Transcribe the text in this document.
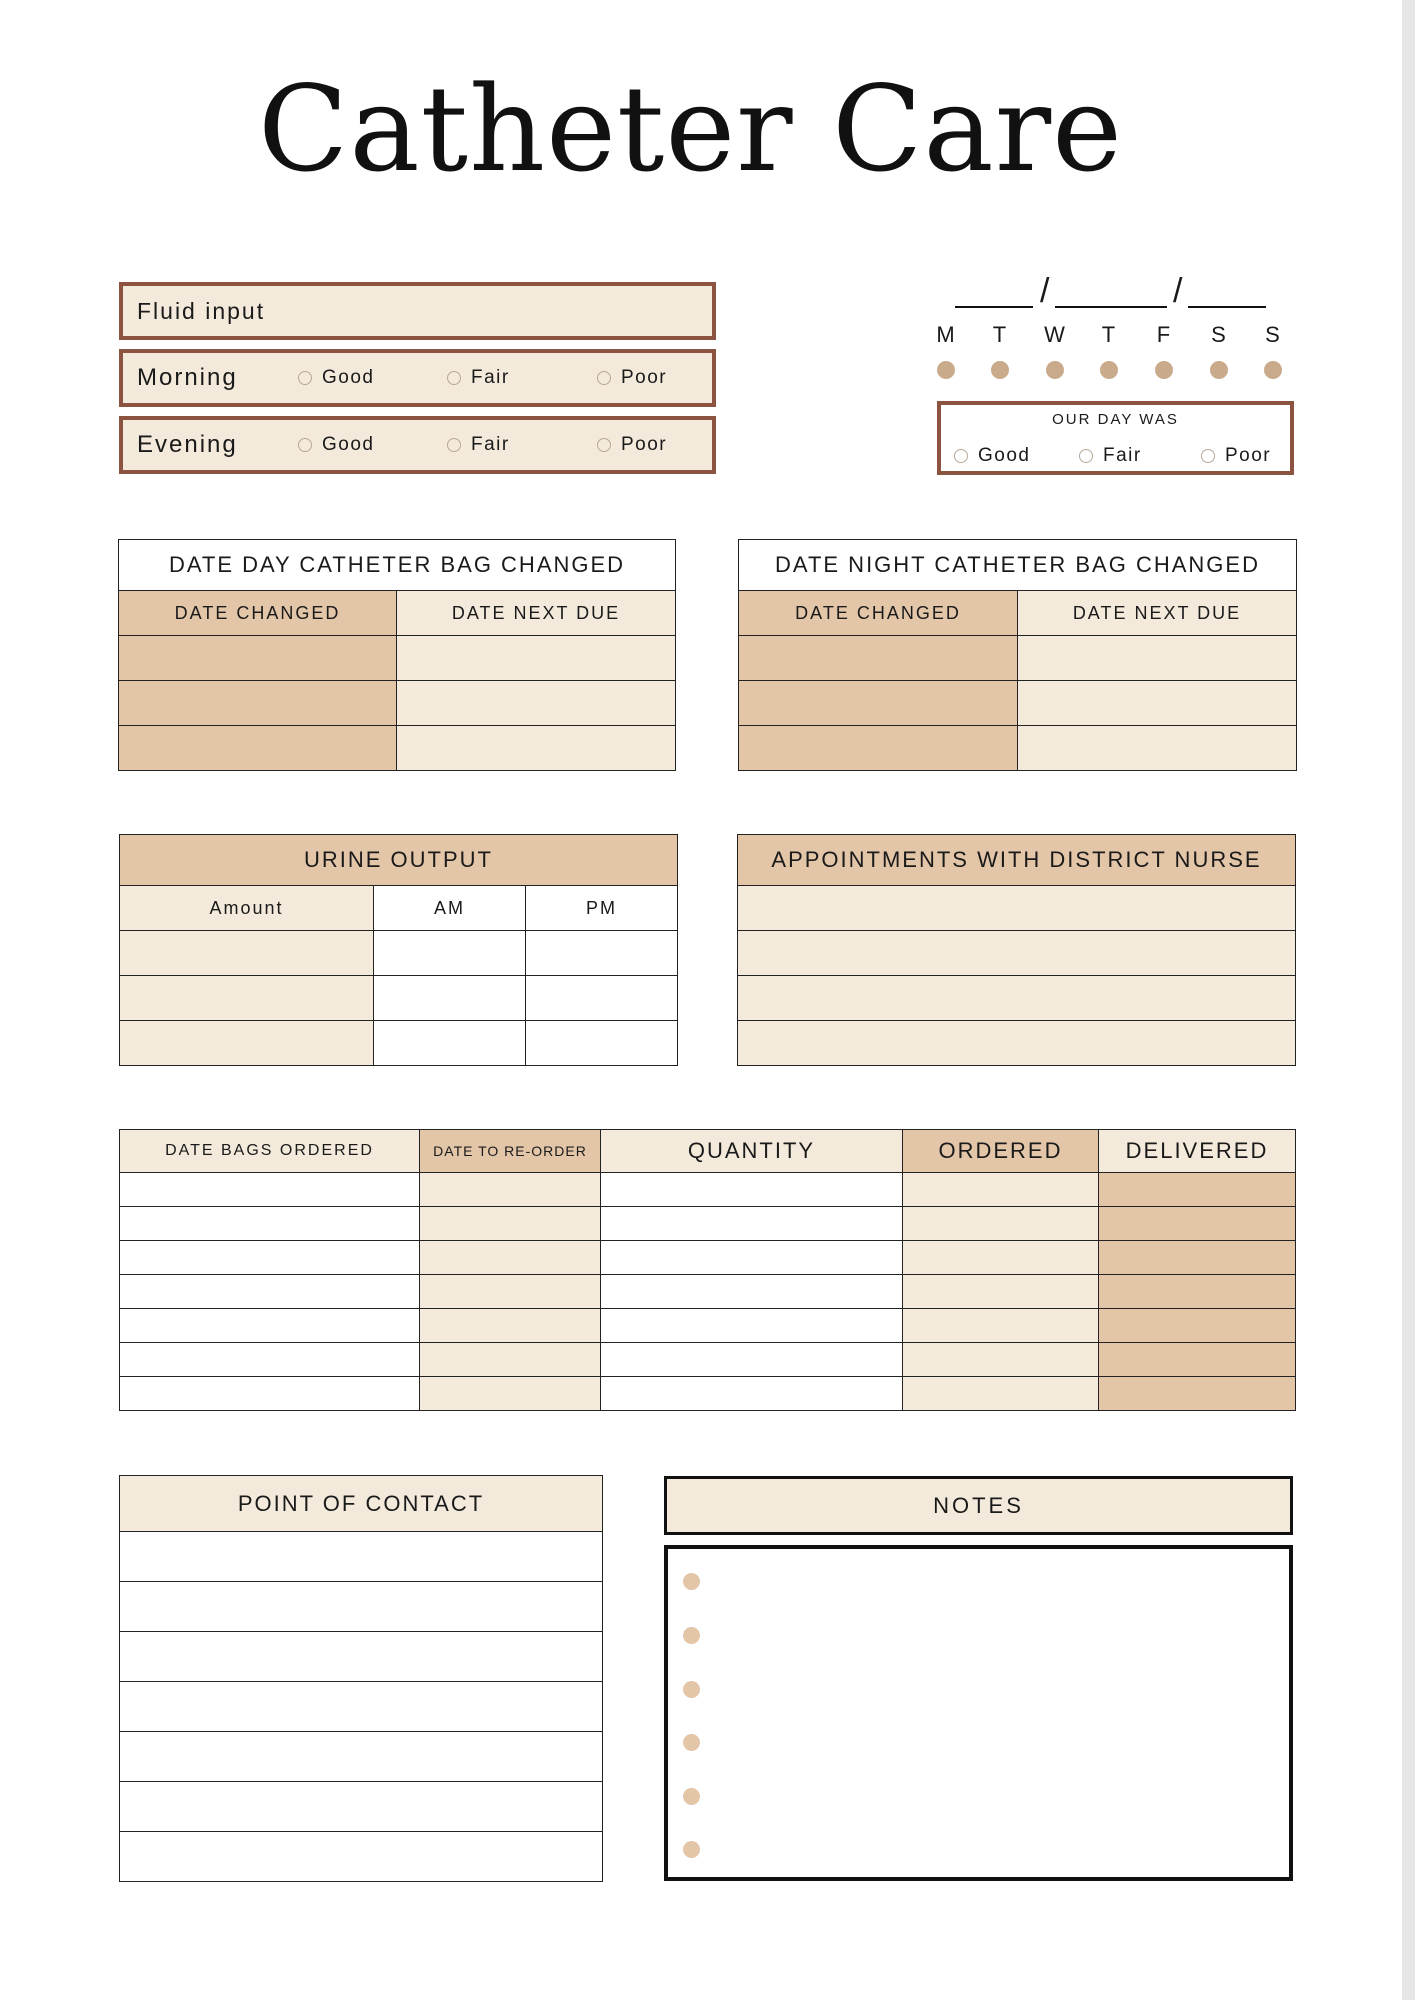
Catheter Care
Fluid input
Morning	Good	Fair	Poor
Evening	Good	Fair	Poor
/	/
M	T	W	T	F	S	S
OUR DAY WAS
Good	Fair	Poor
DATE DAY CATHETER BAG CHANGED	
DATE CHANGED	DATE NEXT DUE

DATE NIGHT CATHETER BAG CHANGED	
DATE CHANGED	DATE NEXT DUE

URINE OUTPUT		
Amount	AM	PM

APPOINTMENTS WITH DISTRICT NURSE

DATE BAGS ORDERED	DATE TO RE-ORDER	QUANTITY	ORDERED	DELIVERED

POINT OF CONTACT	NOTES
